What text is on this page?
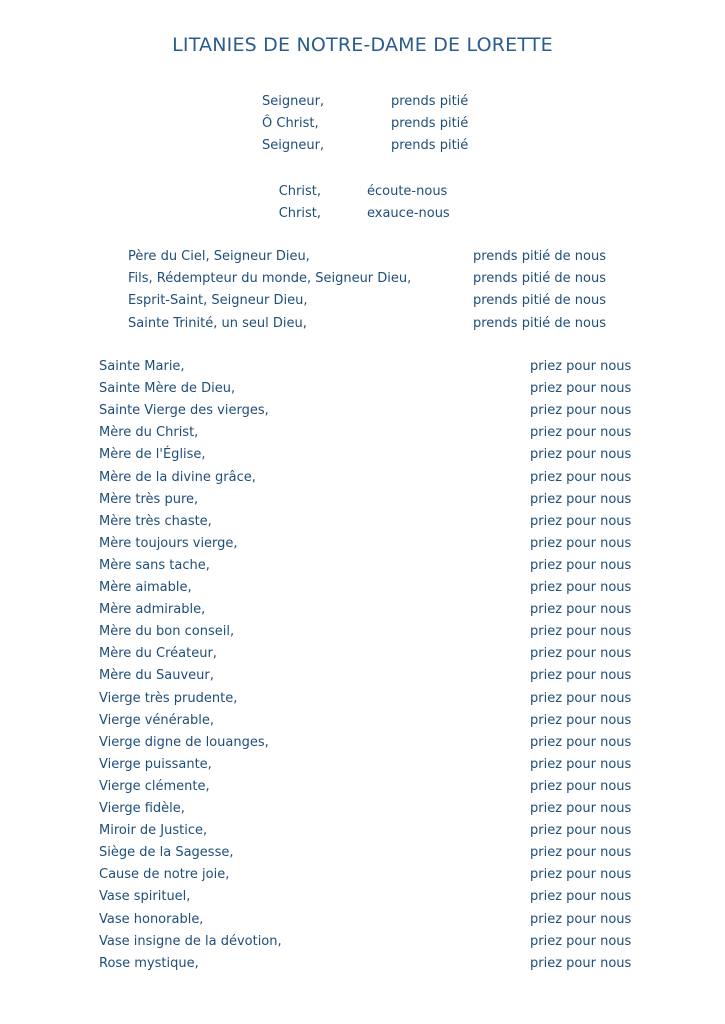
LITANIES DE NOTRE-DAME DE LORETTE
Seigneur,	prends pitié
Ô Christ,	prends pitié
Seigneur,	prends pitié
Christ,	écoute-nous
Christ,	exauce-nous
Père du Ciel, Seigneur Dieu,	prends pitié de nous
Fils, Rédempteur du monde, Seigneur Dieu,	prends pitié de nous
Esprit-Saint, Seigneur Dieu,	prends pitié de nous
Sainte Trinité, un seul Dieu,	prends pitié de nous
Sainte Marie,	priez pour nous
Sainte Mère de Dieu,	priez pour nous
Sainte Vierge des vierges,	priez pour nous
Mère du Christ,	priez pour nous
Mère de l'Église,	priez pour nous
Mère de la divine grâce,	priez pour nous
Mère très pure,	priez pour nous
Mère très chaste,	priez pour nous
Mère toujours vierge,	priez pour nous
Mère sans tache,	priez pour nous
Mère aimable,	priez pour nous
Mère admirable,	priez pour nous
Mère du bon conseil,	priez pour nous
Mère du Créateur,	priez pour nous
Mère du Sauveur,	priez pour nous
Vierge très prudente,	priez pour nous
Vierge vénérable,	priez pour nous
Vierge digne de louanges,	priez pour nous
Vierge puissante,	priez pour nous
Vierge clémente,	priez pour nous
Vierge fidèle,	priez pour nous
Miroir de Justice,	priez pour nous
Siège de la Sagesse,	priez pour nous
Cause de notre joie,	priez pour nous
Vase spirituel,	priez pour nous
Vase honorable,	priez pour nous
Vase insigne de la dévotion,	priez pour nous
Rose mystique,	priez pour nous
